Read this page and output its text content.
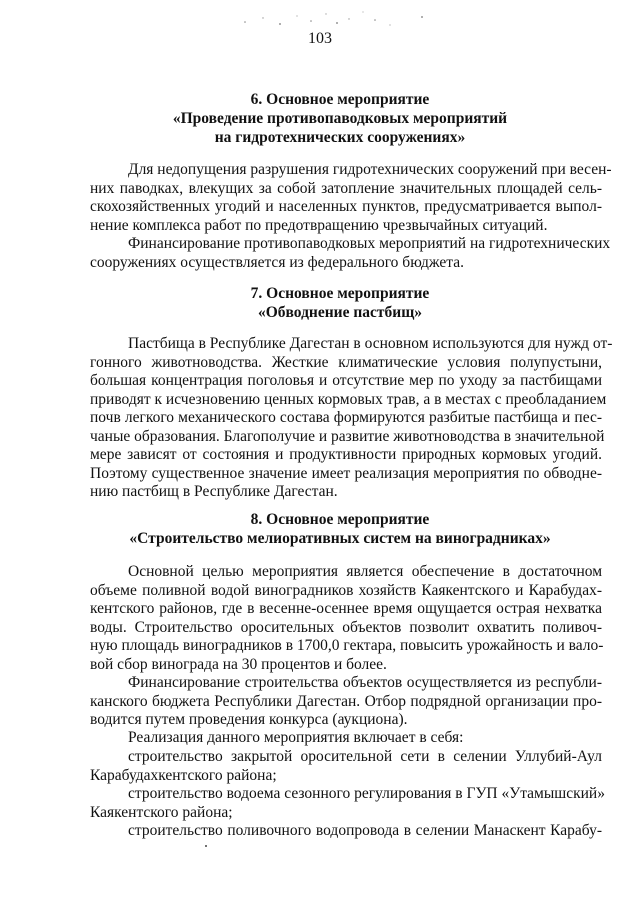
103
6. Основное мероприятие
«Проведение противопаводковых мероприятий
на гидротехнических сооружениях»
Для недопущения разрушения гидротехнических сооружений при весен-
них паводках, влекущих за собой затопление значительных площадей сель-
скохозяйственных угодий и населенных пунктов, предусматривается выпол-
нение комплекса работ по предотвращению чрезвычайных ситуаций.
Финансирование противопаводковых мероприятий на гидротехнических
сооружениях осуществляется из федерального бюджета.
7. Основное мероприятие
«Обводнение пастбищ»
Пастбища в Республике Дагестан в основном используются для нужд от-
гонного животноводства. Жесткие климатические условия полупустыни,
большая концентрация поголовья и отсутствие мер по уходу за пастбищами
приводят к исчезновению ценных кормовых трав, а в местах с преобладанием
почв легкого механического состава формируются разбитые пастбища и пес-
чаные образования. Благополучие и развитие животноводства в значительной
мере зависят от состояния и продуктивности природных кормовых угодий.
Поэтому существенное значение имеет реализация мероприятия по обводне-
нию пастбищ в Республике Дагестан.
8. Основное мероприятие
«Строительство мелиоративных систем на виноградниках»
Основной целью мероприятия является обеспечение в достаточном
объеме поливной водой виноградников хозяйств Каякентского и Карабудах-
кентского районов, где в весенне-осеннее время ощущается острая нехватка
воды. Строительство оросительных объектов позволит охватить поливоч-
ную площадь виноградников в 1700,0 гектара, повысить урожайность и вало-
вой сбор винограда на 30 процентов и более.
Финансирование строительства объектов осуществляется из республи-
канского бюджета Республики Дагестан. Отбор подрядной организации про-
водится путем проведения конкурса (аукциона).
Реализация данного мероприятия включает в себя:
строительство закрытой оросительной сети в селении Уллубий-Аул
Карабудахкентского района;
строительство водоема сезонного регулирования в ГУП «Утамышский»
Каякентского района;
строительство поливочного водопровода в селении Манаскент Карабу-
